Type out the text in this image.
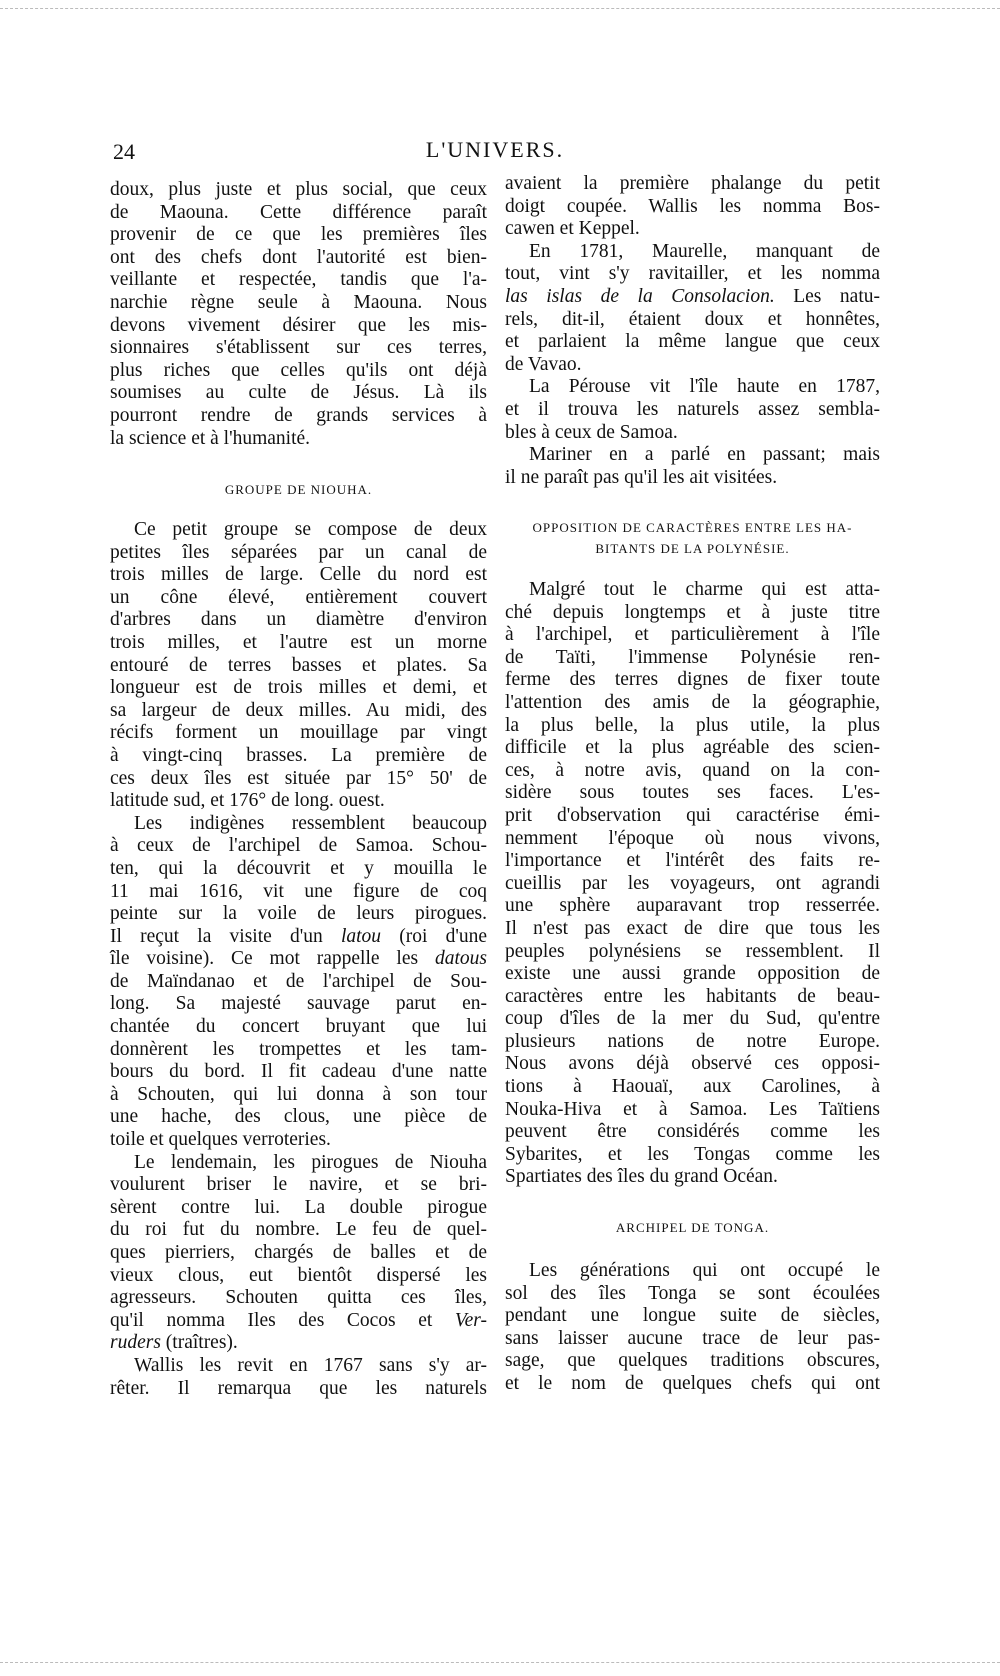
24	L'UNIVERS.
doux, plus juste et plus social, que ceux
de Maouna. Cette différence paraît
provenir de ce que les premières îles
ont des chefs dont l'autorité est bien-
veillante et respectée, tandis que l'a-
narchie règne seule à Maouna. Nous
devons vivement désirer que les mis-
sionnaires s'établissent sur ces terres,
plus riches que celles qu'ils ont déjà
soumises au culte de Jésus. Là ils
pourront rendre de grands services à
la science et à l'humanité.
GROUPE DE NIOUHA.
Ce petit groupe se compose de deux
petites îles séparées par un canal de
trois milles de large. Celle du nord est
un cône élevé, entièrement couvert
d'arbres dans un diamètre d'environ
trois milles, et l'autre est un morne
entouré de terres basses et plates. Sa
longueur est de trois milles et demi, et
sa largeur de deux milles. Au midi, des
récifs forment un mouillage par vingt
à vingt-cinq brasses. La première de
ces deux îles est située par 15° 50' de
latitude sud, et 176° de long. ouest.
Les indigènes ressemblent beaucoup
à ceux de l'archipel de Samoa. Schou-
ten, qui la découvrit et y mouilla le
11 mai 1616, vit une figure de coq
peinte sur la voile de leurs pirogues.
Il reçut la visite d'un latou (roi d'une
île voisine). Ce mot rappelle les datous
de Maïndanao et de l'archipel de Sou-
long. Sa majesté sauvage parut en-
chantée du concert bruyant que lui
donnèrent les trompettes et les tam-
bours du bord. Il fit cadeau d'une natte
à Schouten, qui lui donna à son tour
une hache, des clous, une pièce de
toile et quelques verroteries.
Le lendemain, les pirogues de Niouha
voulurent briser le navire, et se bri-
sèrent contre lui. La double pirogue
du roi fut du nombre. Le feu de quel-
ques pierriers, chargés de balles et de
vieux clous, eut bientôt dispersé les
agresseurs. Schouten quitta ces îles,
qu'il nomma Iles des Cocos et Ver-
ruders (traîtres).
Wallis les revit en 1767 sans s'y ar-
rêter. Il remarqua que les naturels
avaient la première phalange du petit
doigt coupée. Wallis les nomma Bos-
cawen et Keppel.
En 1781, Maurelle, manquant de
tout, vint s'y ravitailler, et les nomma
las islas de la Consolacion. Les natu-
rels, dit-il, étaient doux et honnêtes,
et parlaient la même langue que ceux
de Vavao.
La Pérouse vit l'île haute en 1787,
et il trouva les naturels assez sembla-
bles à ceux de Samoa.
Mariner en a parlé en passant; mais
il ne paraît pas qu'il les ait visitées.
OPPOSITION DE CARACTÈRES ENTRE LES HA-
BITANTS DE LA POLYNÉSIE.
Malgré tout le charme qui est atta-
ché depuis longtemps et à juste titre
à l'archipel, et particulièrement à l'île
de Taïti, l'immense Polynésie ren-
ferme des terres dignes de fixer toute
l'attention des amis de la géographie,
la plus belle, la plus utile, la plus
difficile et la plus agréable des scien-
ces, à notre avis, quand on la con-
sidère sous toutes ses faces. L'es-
prit d'observation qui caractérise émi-
nemment l'époque où nous vivons,
l'importance et l'intérêt des faits re-
cueillis par les voyageurs, ont agrandi
une sphère auparavant trop resserrée.
Il n'est pas exact de dire que tous les
peuples polynésiens se ressemblent. Il
existe une aussi grande opposition de
caractères entre les habitants de beau-
coup d'îles de la mer du Sud, qu'entre
plusieurs nations de notre Europe.
Nous avons déjà observé ces opposi-
tions à Haouaï, aux Carolines, à
Nouka-Hiva et à Samoa. Les Taïtiens
peuvent être considérés comme les
Sybarites, et les Tongas comme les
Spartiates des îles du grand Océan.
ARCHIPEL DE TONGA.
Les générations qui ont occupé le
sol des îles Tonga se sont écoulées
pendant une longue suite de siècles,
sans laisser aucune trace de leur pas-
sage, que quelques traditions obscures,
et le nom de quelques chefs qui ont
